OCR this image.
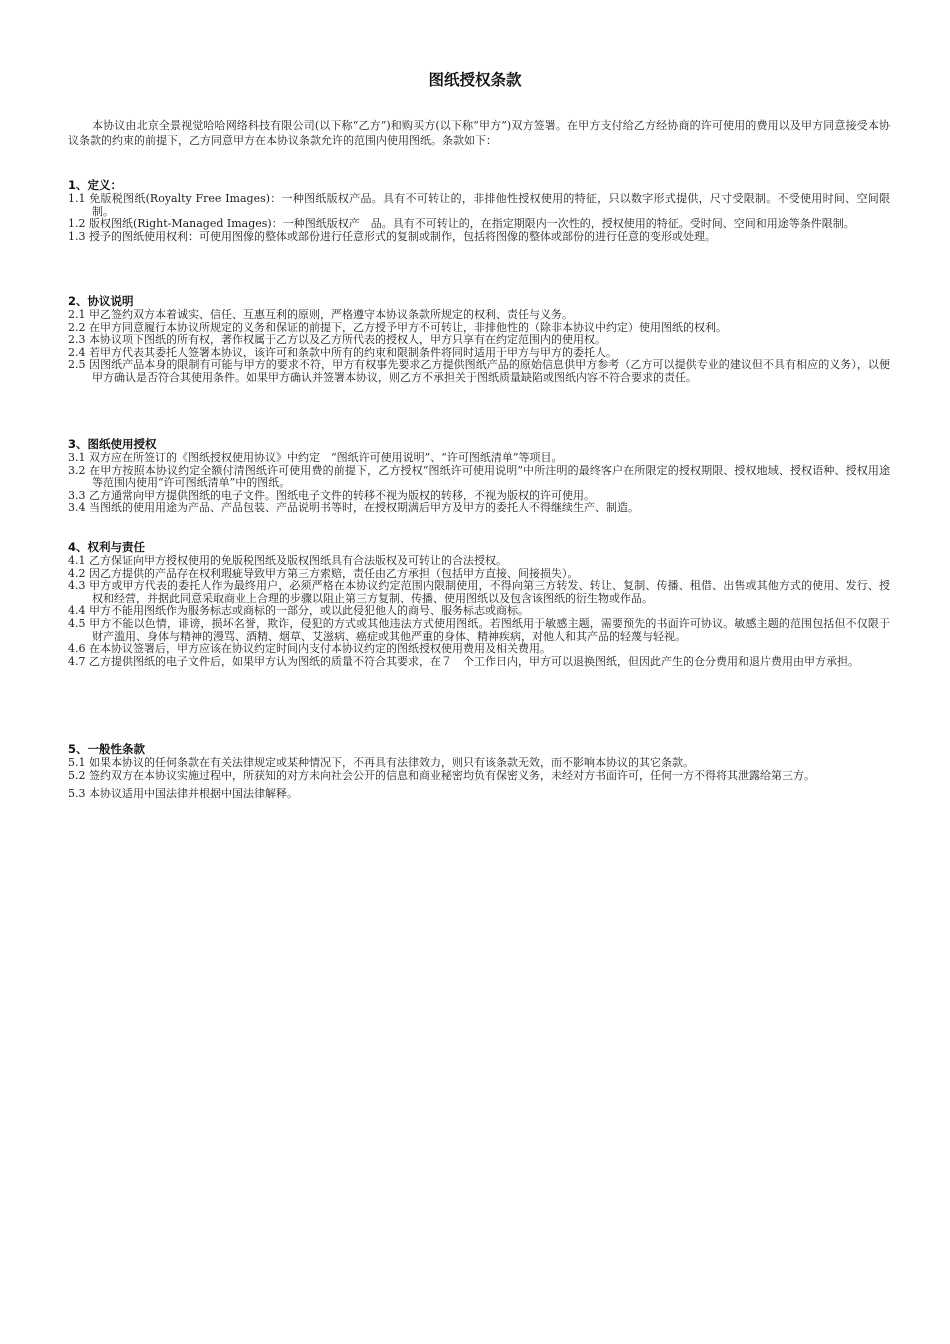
图纸授权条款
本协议由北京全景视觉哈哈网络科技有限公司(以下称“乙方”)和购买方(以下称“甲方”)双方签署。在甲方支付给乙方经协商的许可使用的费用以及甲方同意接受本协议条款的约束的前提下，乙方同意甲方在本协议条款允许的范围内使用图纸。条款如下：
1、定义：

1.1 免版税图纸(Royalty Free Images)：一种图纸版权产品。具有不可转让的，非排他性授权使用的特征，只以数字形式提供，尺寸受限制。不受使用时间、空间限制。

1.2 版权图纸(Right-Managed Images)：一种图纸版权产　品。具有不可转让的，在指定期限内一次性的，授权使用的特征。受时间、空间和用途等条件限制。

1.3 授予的图纸使用权利：可使用图像的整体或部份进行任意形式的复制或制作，包括将图像的整体或部份的进行任意的变形或处理。

2、协议说明

2.1 甲乙签约双方本着诚实、信任、互惠互利的原则，严格遵守本协议条款所规定的权利、责任与义务。

2.2 在甲方同意履行本协议所规定的义务和保证的前提下，乙方授予甲方不可转让，非排他性的（除非本协议中约定）使用图纸的权利。

2.3 本协议项下图纸的所有权，著作权属于乙方以及乙方所代表的授权人，甲方只享有在约定范围内的使用权。

2.4 若甲方代表其委托人签署本协议，该许可和条款中所有的约束和限制条件将同时适用于甲方与甲方的委托人。

2.5 因图纸产品本身的限制有可能与甲方的要求不符，甲方有权事先要求乙方提供图纸产品的原始信息供甲方参考（乙方可以提供专业的建议但不具有相应的义务），以便甲方确认是否符合其使用条件。如果甲方确认并签署本协议，则乙方不承担关于图纸质量缺陷或图纸内容不符合要求的责任。

3、图纸使用授权

3.1 双方应在所签订的《图纸授权使用协议》中约定　“图纸许可使用说明”、“许可图纸清单”等项目。

3.2 在甲方按照本协议约定全额付清图纸许可使用费的前提下，乙方授权“图纸许可使用说明”中所注明的最终客户在所限定的授权期限、授权地域、授权语种、授权用途等范围内使用“许可图纸清单”中的图纸。

3.3 乙方通常向甲方提供图纸的电子文件。图纸电子文件的转移不视为版权的转移，不视为版权的许可使用。

3.4 当图纸的使用用途为产品、产品包装、产品说明书等时，在授权期满后甲方及甲方的委托人不得继续生产、制造。

4、权利与责任

4.1 乙方保证向甲方授权使用的免版税图纸及版权图纸具有合法版权及可转让的合法授权。

4.2 因乙方提供的产品存在权利瑕疵导致甲方第三方索赔，责任由乙方承担（包括甲方直接、间接损失）。

4.3 甲方或甲方代表的委托人作为最终用户，必须严格在本协议约定范围内限制使用，不得向第三方转发、转让、复制、传播、租借、出售或其他方式的使用、发行、授权和经营，并据此同意采取商业上合理的步骤以阻止第三方复制、传播、使用图纸以及包含该图纸的衍生物或作品。

4.4 甲方不能用图纸作为服务标志或商标的一部分，或以此侵犯他人的商号、服务标志或商标。

4.5 甲方不能以色情，诽谤，损坏名誉，欺诈，侵犯的方式或其他违法方式使用图纸。若图纸用于敏感主题，需要预先的书面许可协议。敏感主题的范围包括但不仅限于财产滥用、身体与精神的漫骂、酒精、烟草、艾滋病、癌症或其他严重的身体、精神疾病，对他人和其产品的轻蔑与轻视。

4.6 在本协议签署后，甲方应该在协议约定时间内支付本协议约定的图纸授权使用费用及相关费用。

4.7 乙方提供图纸的电子文件后，如果甲方认为图纸的质量不符合其要求，在７　个工作日内，甲方可以退换图纸，但因此产生的仓分费用和退片费用由甲方承担。

5、一般性条款

5.1 如果本协议的任何条款在有关法律规定或某种情况下，不再具有法律效力，则只有该条款无效，而不影响本协议的其它条款。

5.2 签约双方在本协议实施过程中，所获知的对方未向社会公开的信息和商业秘密均负有保密义务，未经对方书面许可，任何一方不得将其泄露给第三方。

5.3 本协议适用中国法律并根据中国法律解释。
